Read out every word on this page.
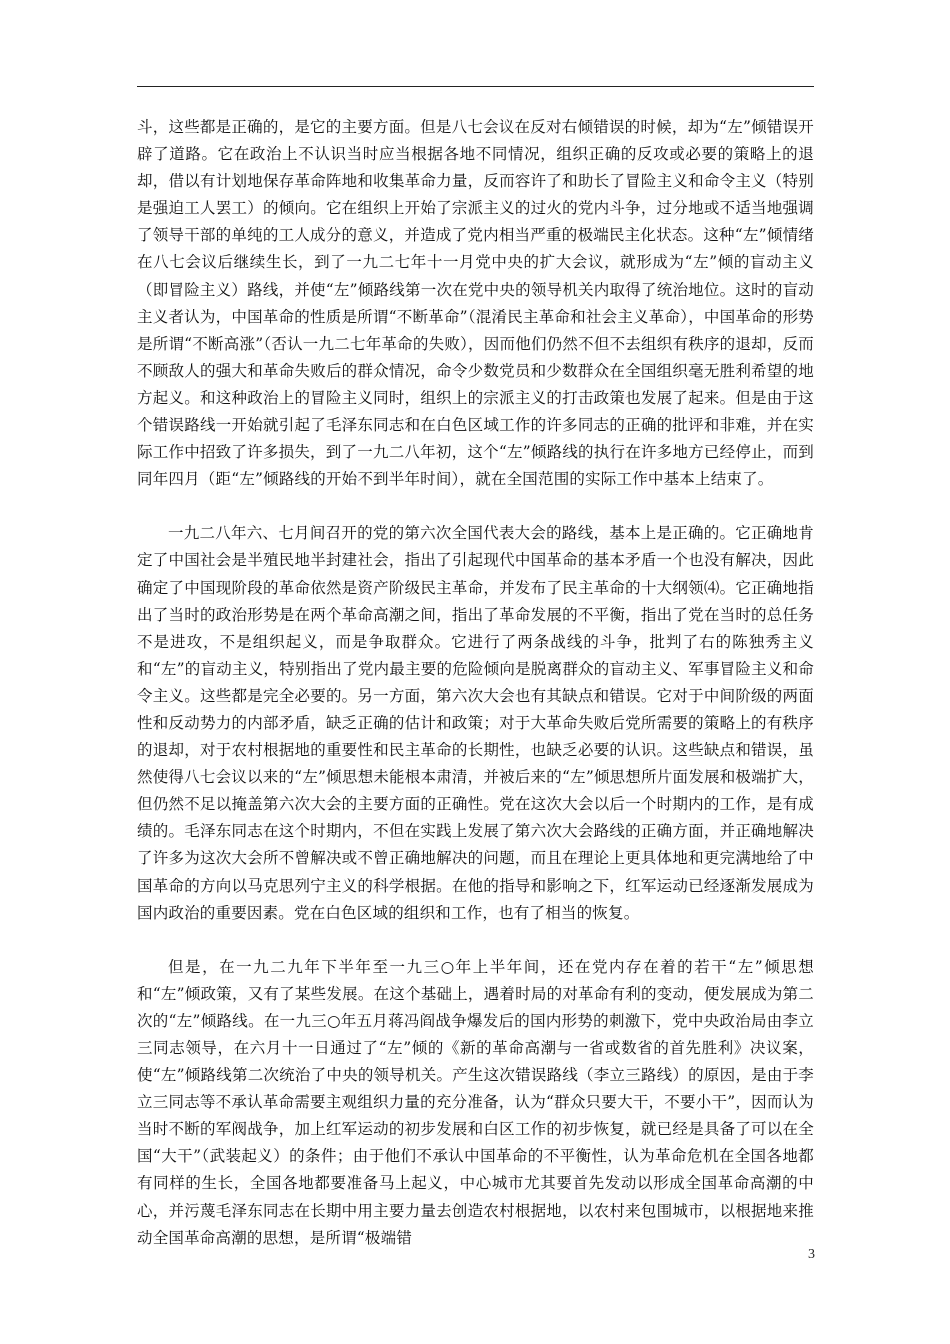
斗，这些都是正确的，是它的主要方面。但是八七会议在反对右倾错误的时候，却为“左”倾错误开辟了道路。它在政治上不认识当时应当根据各地不同情况，组织正确的反攻或必要的策略上的退却，借以有计划地保存革命阵地和收集革命力量，反而容许了和助长了冒险主义和命令主义（特别是强迫工人罢工）的倾向。它在组织上开始了宗派主义的过火的党内斗争，过分地或不适当地强调了领导干部的单纯的工人成分的意义，并造成了党内相当严重的极端民主化状态。这种“左”倾情绪在八七会议后继续生长，到了一九二七年十一月党中央的扩大会议，就形成为“左”倾的盲动主义（即冒险主义）路线，并使“左”倾路线第一次在党中央的领导机关内取得了统治地位。这时的盲动主义者认为，中国革命的性质是所谓“不断革命”（混淆民主革命和社会主义革命），中国革命的形势是所谓“不断高涨”（否认一九二七年革命的失败），因而他们仍然不但不去组织有秩序的退却，反而不顾敌人的强大和革命失败后的群众情况，命令少数党员和少数群众在全国组织毫无胜利希望的地方起义。和这种政治上的冒险主义同时，组织上的宗派主义的打击政策也发展了起来。但是由于这个错误路线一开始就引起了毛泽东同志和在白色区域工作的许多同志的正确的批评和非难，并在实际工作中招致了许多损失，到了一九二八年初，这个“左”倾路线的执行在许多地方已经停止，而到同年四月（距“左”倾路线的开始不到半年时间），就在全国范围的实际工作中基本上结束了。

一九二八年六、七月间召开的党的第六次全国代表大会的路线，基本上是正确的。它正确地肯定了中国社会是半殖民地半封建社会，指出了引起现代中国革命的基本矛盾一个也没有解决，因此确定了中国现阶段的革命依然是资产阶级民主革命，并发布了民主革命的十大纲领⑷。它正确地指出了当时的政治形势是在两个革命高潮之间，指出了革命发展的不平衡，指出了党在当时的总任务不是进攻，不是组织起义，而是争取群众。它进行了两条战线的斗争，批判了右的陈独秀主义和“左”的盲动主义，特别指出了党内最主要的危险倾向是脱离群众的盲动主义、军事冒险主义和命令主义。这些都是完全必要的。另一方面，第六次大会也有其缺点和错误。它对于中间阶级的两面性和反动势力的内部矛盾，缺乏正确的估计和政策；对于大革命失败后党所需要的策略上的有秩序的退却，对于农村根据地的重要性和民主革命的长期性，也缺乏必要的认识。这些缺点和错误，虽然使得八七会议以来的“左”倾思想未能根本肃清，并被后来的“左”倾思想所片面发展和极端扩大，但仍然不足以掩盖第六次大会的主要方面的正确性。党在这次大会以后一个时期内的工作，是有成绩的。毛泽东同志在这个时期内，不但在实践上发展了第六次大会路线的正确方面，并正确地解决了许多为这次大会所不曾解决或不曾正确地解决的问题，而且在理论上更具体地和更完满地给了中国革命的方向以马克思列宁主义的科学根据。在他的指导和影响之下，红军运动已经逐渐发展成为国内政治的重要因素。党在白色区域的组织和工作，也有了相当的恢复。

但是，在一九二九年下半年至一九三○年上半年间，还在党内存在着的若干“左”倾思想和“左”倾政策，又有了某些发展。在这个基础上，遇着时局的对革命有利的变动，便发展成为第二次的“左”倾路线。在一九三○年五月蒋冯阎战争爆发后的国内形势的刺激下，党中央政治局由李立三同志领导，在六月十一日通过了“左”倾的《新的革命高潮与一省或数省的首先胜利》决议案，使“左”倾路线第二次统治了中央的领导机关。产生这次错误路线（李立三路线）的原因，是由于李立三同志等不承认革命需要主观组织力量的充分准备，认为“群众只要大干，不要小干”，因而认为当时不断的军阀战争，加上红军运动的初步发展和白区工作的初步恢复，就已经是具备了可以在全国“大干”（武装起义）的条件；由于他们不承认中国革命的不平衡性，认为革命危机在全国各地都有同样的生长，全国各地都要准备马上起义，中心城市尤其要首先发动以形成全国革命高潮的中心，并污蔑毛泽东同志在长期中用主要力量去创造农村根据地，以农村来包围城市，以根据地来推动全国革命高潮的思想，是所谓“极端错

3
